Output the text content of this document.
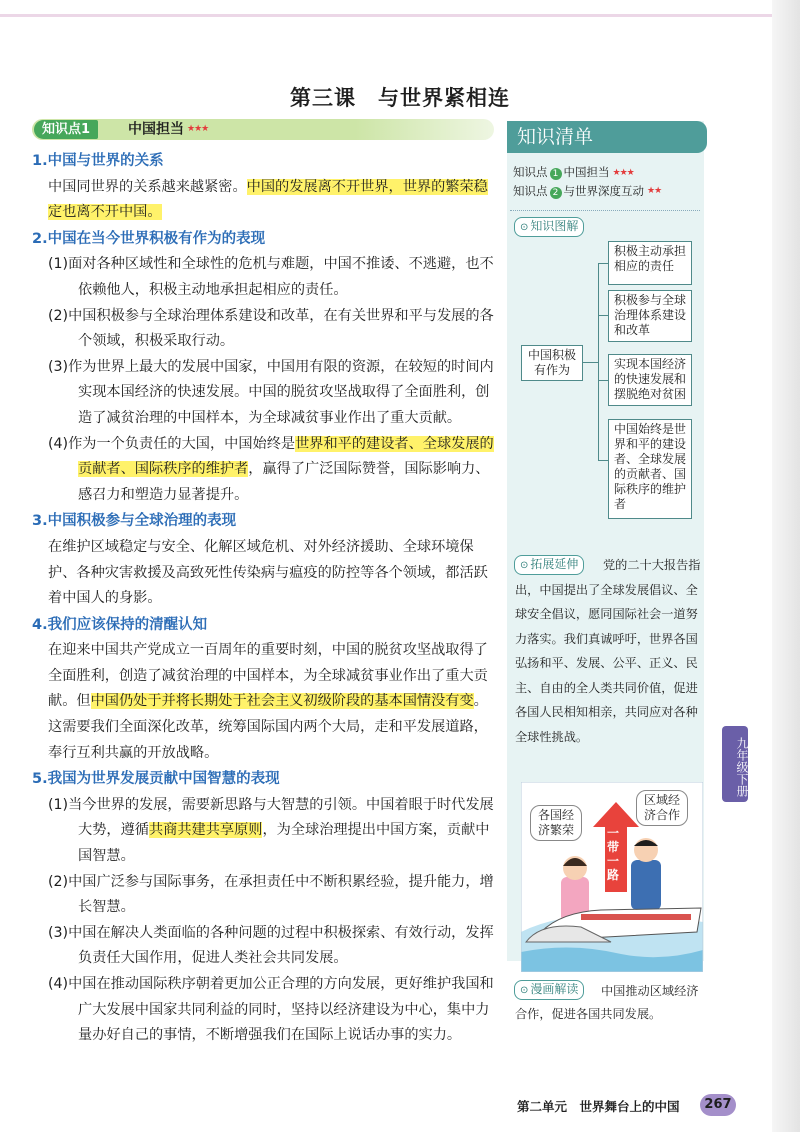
第三课 与世界紧相连
知识点1	中国担当 ★★★
1.中国与世界的关系
中国同世界的关系越来越紧密。中国的发展离不开世界，世界的繁荣稳定也离不开中国。
2.中国在当今世界积极有作为的表现
(1)面对各种区域性和全球性的危机与难题，中国不推诿、不逃避，也不依赖他人，积极主动地承担起相应的责任。
(2)中国积极参与全球治理体系建设和改革，在有关世界和平与发展的各个领域，积极采取行动。
(3)作为世界上最大的发展中国家，中国用有限的资源，在较短的时间内实现本国经济的快速发展。中国的脱贫攻坚战取得了全面胜利，创造了减贫治理的中国样本，为全球减贫事业作出了重大贡献。
(4)作为一个负责任的大国，中国始终是世界和平的建设者、全球发展的贡献者、国际秩序的维护者，赢得了广泛国际赞誉，国际影响力、感召力和塑造力显著提升。
3.中国积极参与全球治理的表现
在维护区域稳定与安全、化解区域危机、对外经济援助、全球环境保护、各种灾害救援及高致死性传染病与瘟疫的防控等各个领域，都活跃着中国人的身影。
4.我们应该保持的清醒认知
在迎来中国共产党成立一百周年的重要时刻，中国的脱贫攻坚战取得了全面胜利，创造了减贫治理的中国样本，为全球减贫事业作出了重大贡献。但中国仍处于并将长期处于社会主义初级阶段的基本国情没有变。这需要我们全面深化改革，统筹国际国内两个大局，走和平发展道路，奉行互利共赢的开放战略。
5.我国为世界发展贡献中国智慧的表现
(1)当今世界的发展，需要新思路与大智慧的引领。中国着眼于时代发展大势，遵循共商共建共享原则，为全球治理提出中国方案，贡献中国智慧。
(2)中国广泛参与国际事务，在承担责任中不断积累经验，提升能力，增长智慧。
(3)中国在解决人类面临的各种问题的过程中积极探索、有效行动，发挥负责任大国作用，促进人类社会共同发展。
(4)中国在推动国际秩序朝着更加公正合理的方向发展，更好维护我国和广大发展中国家共同利益的同时，坚持以经济建设为中心，集中力量办好自己的事情，不断增强我们在国际上说话办事的实力。
知识清单
知识点 1 中国担当 ★★★
知识点 2 与世界深度互动 ★★
⊙ 知识图解
中国积极有作为
积极主动承担相应的责任
积极参与全球治理体系建设和改革
实现本国经济的快速发展和摆脱绝对贫困
中国始终是世界和平的建设者、全球发展的贡献者、国际秩序的维护者
⊙ 拓展延伸	党的二十大报告指出，中国提出了全球发展倡议、全球安全倡议，愿同国际社会一道努力落实。我们真诚呼吁，世界各国弘扬和平、发展、公平、正义、民主、自由的全人类共同价值，促进各国人民相知相亲，共同应对各种全球性挑战。
各国经济繁荣
区域经济合作
一带一路
⊙ 漫画解读	中国推动区域经济合作，促进各国共同发展。
九年级下册
第二单元　世界舞台上的中国	267
